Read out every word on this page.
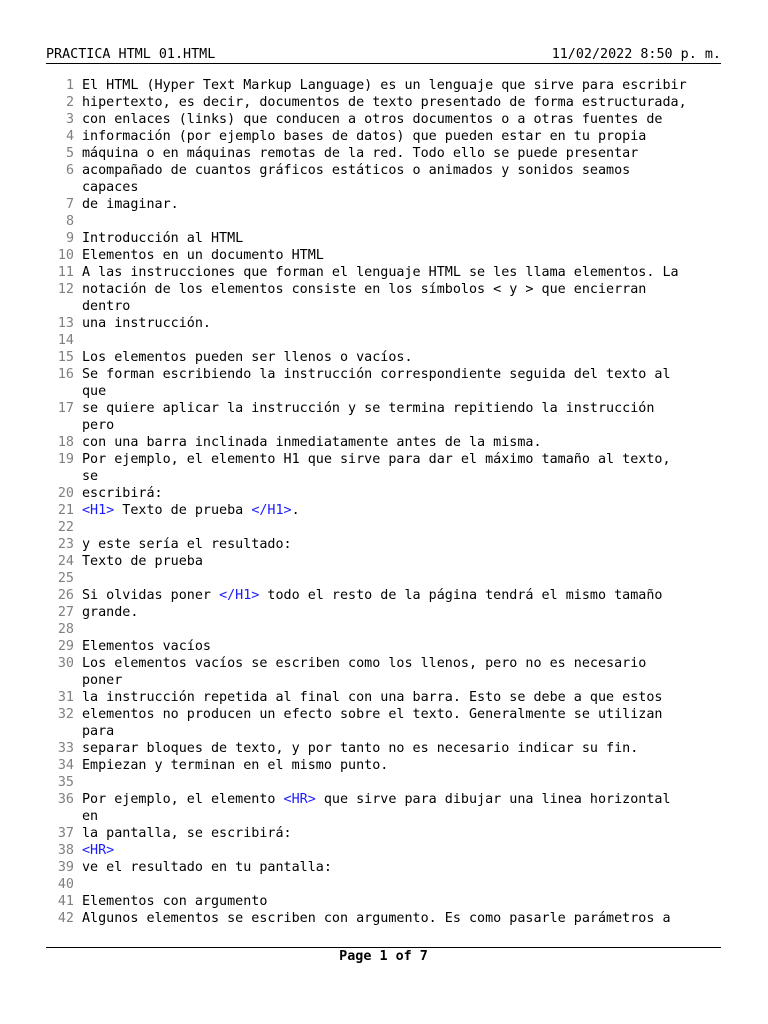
PRACTICA HTML 01.HTML	11/02/2022 8:50 p. m.
1 El HTML (Hyper Text Markup Language) es un lenguaje que sirve para escribir
2 hipertexto, es decir, documentos de texto presentado de forma estructurada,
3 con enlaces (links) que conducen a otros documentos o a otras fuentes de
4 información (por ejemplo bases de datos) que pueden estar en tu propia
5 máquina o en máquinas remotas de la red. Todo ello se puede presentar
6 acompañado de cuantos gráficos estáticos o animados y sonidos seamos
capaces
7 de imaginar.
8
9 Introducción al HTML
10 Elementos en un documento HTML
11 A las instrucciones que forman el lenguaje HTML se les llama elementos. La
12 notación de los elementos consiste en los símbolos < y > que encierran
dentro
13 una instrucción.
14
15 Los elementos pueden ser llenos o vacíos.
16 Se forman escribiendo la instrucción correspondiente seguida del texto al
que
17 se quiere aplicar la instrucción y se termina repitiendo la instrucción
pero
18 con una barra inclinada inmediatamente antes de la misma.
19 Por ejemplo, el elemento H1 que sirve para dar el máximo tamaño al texto,
se
20 escribirá:
21 <H1> Texto de prueba </H1>.
22
23 y este sería el resultado:
24 Texto de prueba
25
26 Si olvidas poner </H1> todo el resto de la página tendrá el mismo tamaño
27 grande.
28
29 Elementos vacíos
30 Los elementos vacíos se escriben como los llenos, pero no es necesario
poner
31 la instrucción repetida al final con una barra. Esto se debe a que estos
32 elementos no producen un efecto sobre el texto. Generalmente se utilizan
para
33 separar bloques de texto, y por tanto no es necesario indicar su fin.
34 Empiezan y terminan en el mismo punto.
35
36 Por ejemplo, el elemento <HR> que sirve para dibujar una linea horizontal
en
37 la pantalla, se escribirá:
38 <HR>
39 ve el resultado en tu pantalla:
40
41 Elementos con argumento
42 Algunos elementos se escriben con argumento. Es como pasarle parámetros a
Page 1 of 7
